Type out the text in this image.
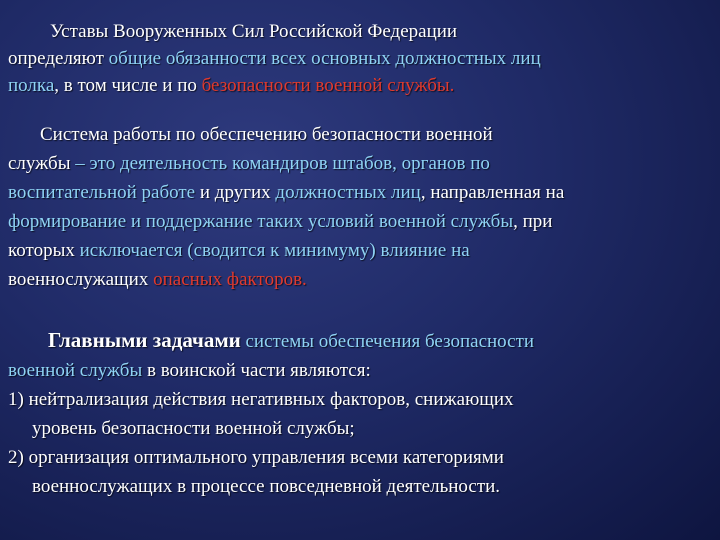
Уставы Вооруженных Сил Российской Федерации
определяют общие обязанности всех основных должностных лиц
полка, в том числе и по безопасности военной службы.
Система работы по обеспечению безопасности военной
службы – это деятельность командиров штабов, органов по
воспитательной работе и других должностных лиц, направленная на
формирование и поддержание таких условий военной службы, при
которых исключается (сводится к минимуму) влияние на
военнослужащих опасных факторов.
Главными задачами системы обеспечения безопасности
военной службы в воинской части являются:
1) нейтрализация действия негативных факторов, снижающих
уровень безопасности военной службы;
2) организация оптимального управления всеми категориями
военнослужащих в процессе повседневной деятельности.
